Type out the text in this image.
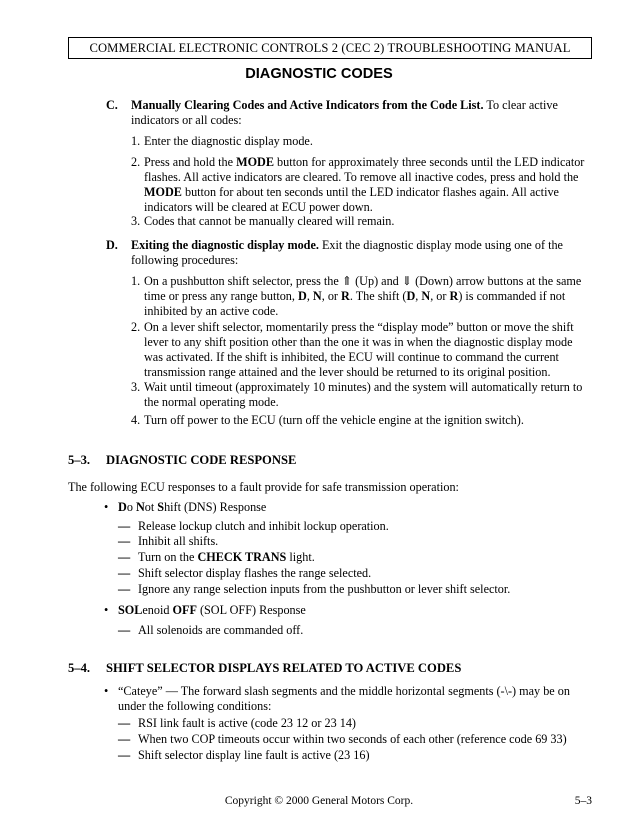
COMMERCIAL ELECTRONIC CONTROLS 2 (CEC 2) TROUBLESHOOTING MANUAL
DIAGNOSTIC CODES
C. Manually Clearing Codes and Active Indicators from the Code List. To clear active indicators or all codes:
1. Enter the diagnostic display mode.
2. Press and hold the MODE button for approximately three seconds until the LED indicator flashes. All active indicators are cleared. To remove all inactive codes, press and hold the MODE button for about ten seconds until the LED indicator flashes again. All active indicators will be cleared at ECU power down.
3. Codes that cannot be manually cleared will remain.
D. Exiting the diagnostic display mode. Exit the diagnostic display mode using one of the following procedures:
1. On a pushbutton shift selector, press the ⇑ (Up) and ⇓ (Down) arrow buttons at the same time or press any range button, D, N, or R. The shift (D, N, or R) is commanded if not inhibited by an active code.
2. On a lever shift selector, momentarily press the “display mode” button or move the shift lever to any shift position other than the one it was in when the diagnostic display mode was activated. If the shift is inhibited, the ECU will continue to command the current transmission range attained and the lever should be returned to its original position.
3. Wait until timeout (approximately 10 minutes) and the system will automatically return to the normal operating mode.
4. Turn off power to the ECU (turn off the vehicle engine at the ignition switch).
5–3. DIAGNOSTIC CODE RESPONSE
The following ECU responses to a fault provide for safe transmission operation:
• Do Not Shift (DNS) Response
— Release lockup clutch and inhibit lockup operation.
— Inhibit all shifts.
— Turn on the CHECK TRANS light.
— Shift selector display flashes the range selected.
— Ignore any range selection inputs from the pushbutton or lever shift selector.
• SOLenoid OFF (SOL OFF) Response
— All solenoids are commanded off.
5–4. SHIFT SELECTOR DISPLAYS RELATED TO ACTIVE CODES
• “Cateye” — The forward slash segments and the middle horizontal segments (-\-) may be on under the following conditions:
— RSI link fault is active (code 23 12 or 23 14)
— When two COP timeouts occur within two seconds of each other (reference code 69 33)
— Shift selector display line fault is active (23 16)
Copyright © 2000 General Motors Corp.	5–3
